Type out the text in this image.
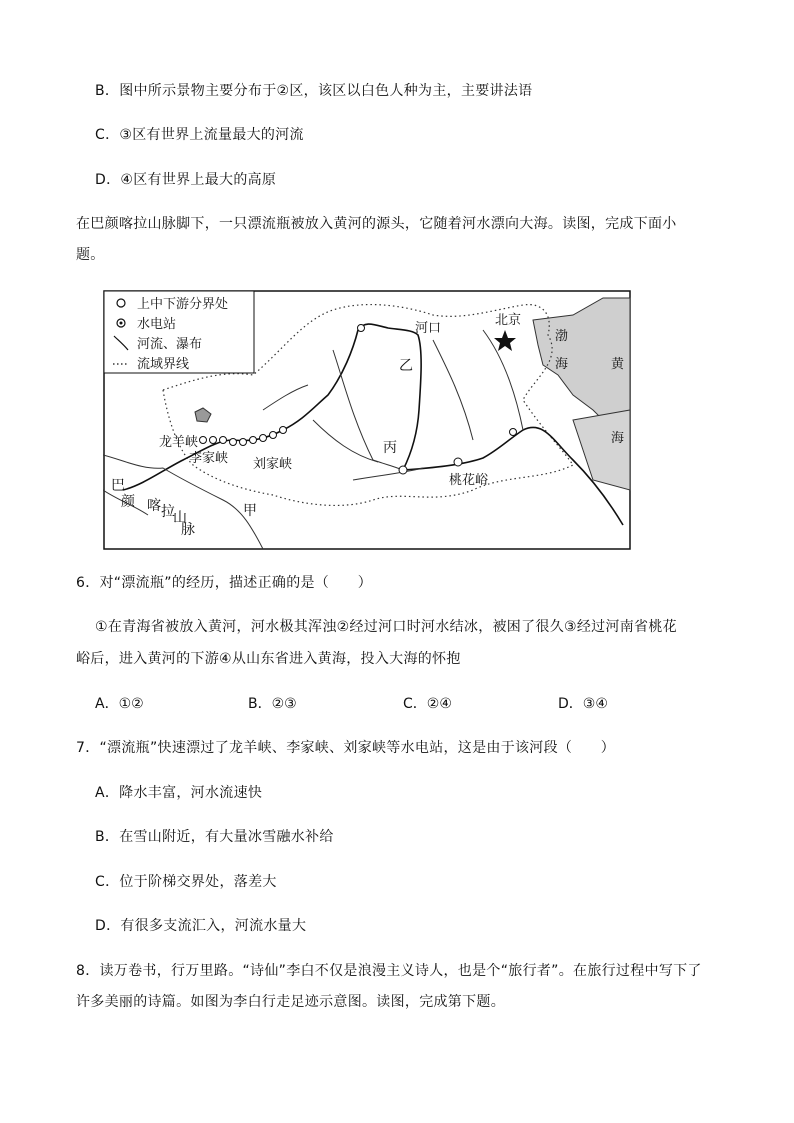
B．图中所示景物主要分布于②区，该区以白色人种为主，主要讲法语
C．③区有世界上流量最大的河流
D．④区有世界上最大的高原
在巴颜喀拉山脉脚下，一只漂流瓶被放入黄河的源头，它随着河水漂向大海。读图，完成下面小
题。
上中下游分界处
水电站
河流、瀑布
流域界线
河口
北京
渤
海	黄
海
乙
丙
甲
龙羊峡
李家峡 刘家峡
桃花峪
巴
颜 喀 拉
山
脉
6．对“漂流瓶”的经历，描述正确的是（　　）
①在青海省被放入黄河，河水极其浑浊②经过河口时河水结冰，被困了很久③经过河南省桃花
峪后，进入黄河的下游④从山东省进入黄海，投入大海的怀抱
A．①②	B．②③	C．②④	D．③④
7．“漂流瓶”快速漂过了龙羊峡、李家峡、刘家峡等水电站，这是由于该河段（　　）
A．降水丰富，河水流速快
B．在雪山附近，有大量冰雪融水补给
C．位于阶梯交界处，落差大
D．有很多支流汇入，河流水量大
8．读万卷书，行万里路。“诗仙”李白不仅是浪漫主义诗人，也是个“旅行者”。在旅行过程中写下了
许多美丽的诗篇。如图为李白行走足迹示意图。读图，完成第下题。
